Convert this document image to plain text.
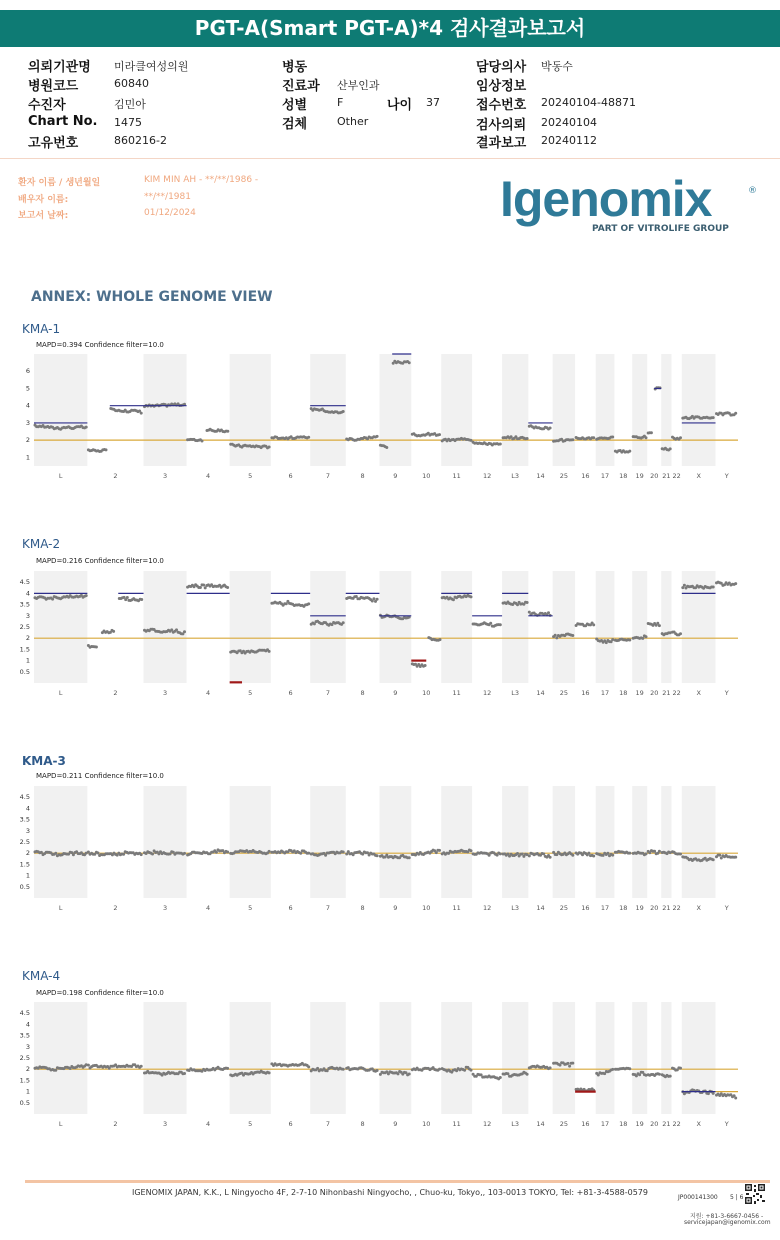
PGT-A(Smart PGT-A)*4 검사결과보고서
의뢰기관명 미라클여성의원
병원코드	60840
수진자	김민아
Chart No. 1475
고유번호	860216-2
병동
진료과 산부인과
성별	F	나이 37
검체	Other
담당의사 박동수
임상정보
접수번호 20240104-48871
검사의뢰 20240104
결과보고 20240112
환자 이름 / 생년월일	KIM MIN AH - **/**/1986 -
배우자 이름:	**/**/1981
보고서 날짜:	01/12/2024	Igenomix	®
PART OF VITROLIFE GROUP
ANNEX: WHOLE GENOME VIEW
KMA-1
MAPD=0.394 Confidence filter=10.0
1
2
3
4
5
6
L	2	3	4	5	6	7	8	9	10	11	12	L3	14 25 16 17 18 19 20 21 22 X	Y
KMA-2
MAPD=0.216 Confidence filter=10.0
0.5
1
1.5
2
2.5
3
3.5
4
4.5
L	2	3	4	5	6	7	8	9	10	11	12	L3	14 25 16 17 18 19 20 21 22 X	Y
KMA-3
MAPD=0.211 Confidence filter=10.0
0.5
1
1.5
2
2.5
3
3.5
4
4.5
L	2	3	4	5	6	7	8	9	10	11	12	L3	14 25 16 17 18 19 20 21 22 X	Y
KMA-4
MAPD=0.198 Confidence filter=10.0
0.5
1
1.5
2
2.5
3
3.5
4
4.5
L	2	3	4	5	6	7	8	9	10	11	12	L3	14 25 16 17 18 19 20 21 22 X	Y
IGENOMIX JAPAN, K.K., L Ningyocho 4F, 2-7-10 Nihonbashi Ningyocho, , Chuo-ku, Tokyo,, 103-0013 TOKYO, Tel: +81-3-4588-0579
JP000141300 5 | 6
지원: +81-3-6667-0456 -
servicejapan@igenomix.com
